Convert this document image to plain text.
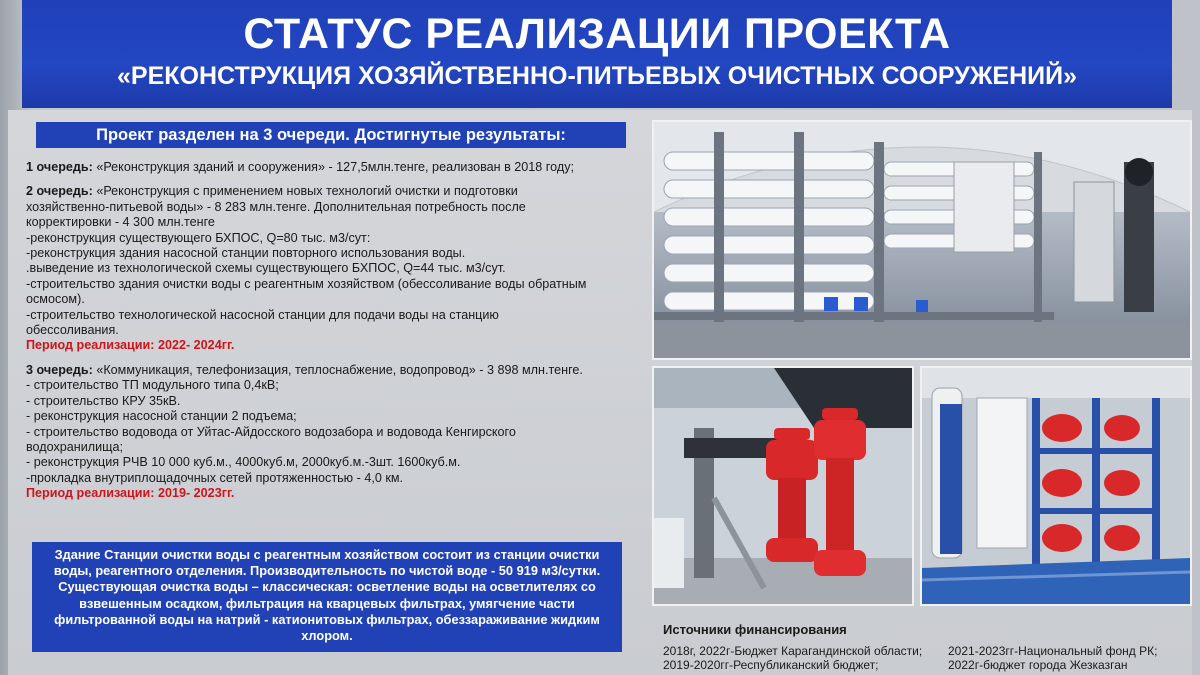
СТАТУС РЕАЛИЗАЦИИ ПРОЕКТА
«РЕКОНСТРУКЦИЯ ХОЗЯЙСТВЕННО-ПИТЬЕВЫХ ОЧИСТНЫХ СООРУЖЕНИЙ»
Проект разделен на 3 очереди. Достигнутые результаты:

1 очередь: «Реконструкция зданий и сооружения» - 127,5млн.тенге, реализован в 2018 году;

2 очередь: «Реконструкция с применением новых технологий очистки и подготовки

хозяйственно-питьевой воды» - 8 283 млн.тенге. Дополнительная потребность после

корректировки - 4 300 млн.тенге

-реконструкция существующего БХПОС, Q=80 тыс. м3/сут:

-реконструкция здания насосной станции повторного использования воды.

.выведение из технологической схемы существующего БХПОС, Q=44 тыс. м3/сут.

-строительство здания очистки воды с реагентным хозяйством (обессоливание воды обратным

осмосом).

-строительство технологической насосной станции для подачи воды на станцию

обессоливания.

Период реализации: 2022- 2024гг.

3 очередь: «Коммуникация, телефонизация, теплоснабжение, водопровод» - 3 898 млн.тенге.

- строительство ТП модульного типа 0,4кВ;

- строительство КРУ 35кВ.

- реконструкция насосной станции 2 подъема;

- строительство водовода от Уйтас-Айдосского водозабора и водовода Кенгирского

водохранилища;

- реконструкция РЧВ 10 000 куб.м., 4000куб.м, 2000куб.м.-3шт. 1600куб.м.

-прокладка внутриплощадочных сетей протяженностью - 4,0 км.

Период реализации: 2019- 2023гг.

Здание Станции очистки воды с реагентным хозяйством состоит из станции очистки
воды, реагентного отделения. Производительность по чистой воде - 50 919 м3/сутки.
Существующая очистка воды – классическая: осветление воды на осветлителях со
взвешенным осадком, фильтрация на кварцевых фильтрах, умягчение части
фильтрованной воды на натрий - катионитовых фильтрах, обеззараживание жидким
хлором.	Источники финансирования
2018г, 2022г-Бюджет Карагандинской области;
2019-2020гг-Республиканский бюджет;
2021-2023гг-Национальный фонд РК;
2022г-бюджет города Жезказган
